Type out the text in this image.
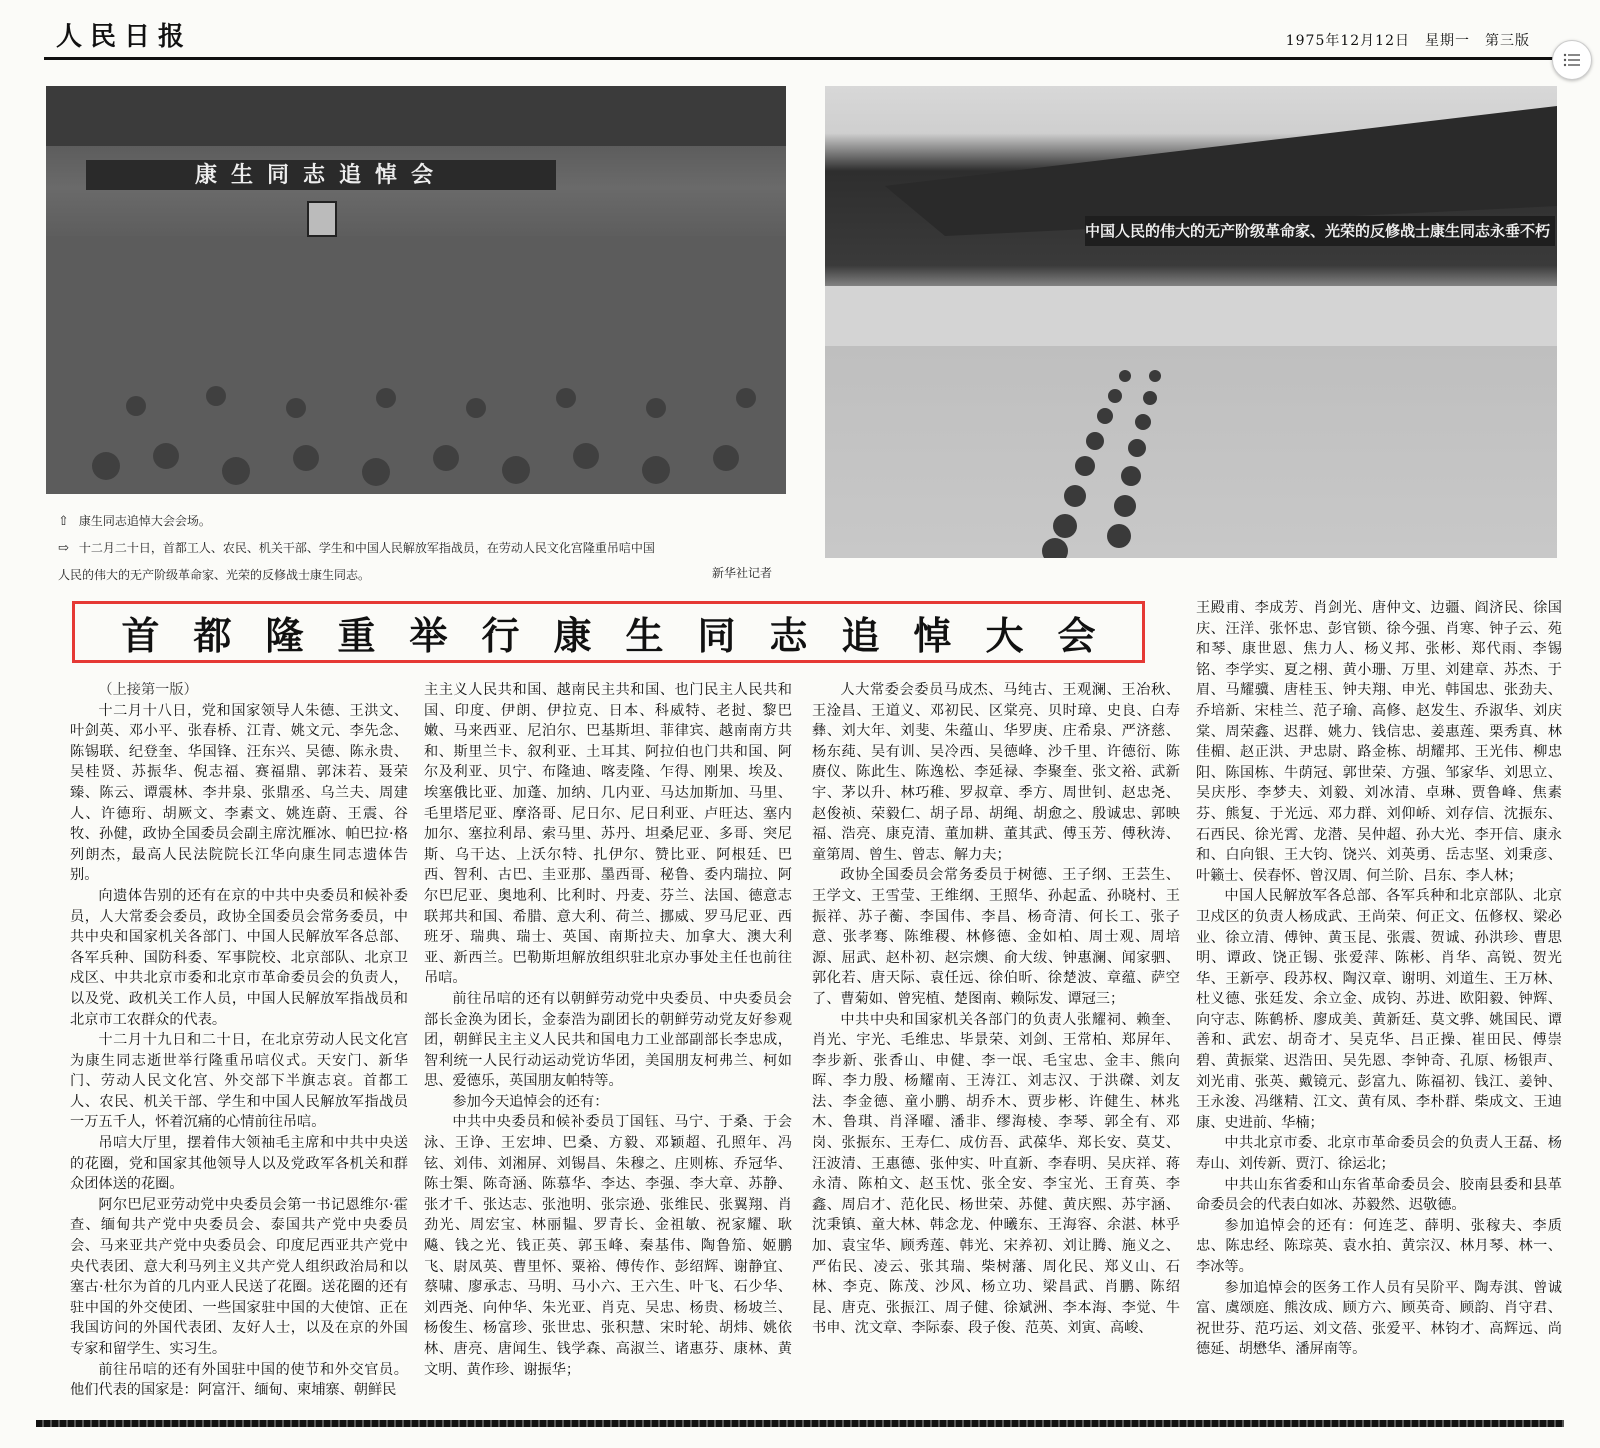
人民日报	1975年12月12日　星期一　第三版
康生同志追悼会
中国人民的伟大的无产阶级革命家、光荣的反修战士康生同志永垂不朽
⇧ 康生同志追悼大会会场。
⇨ 十二月二十日，首都工人、农民、机关干部、学生和中国人民解放军指战员，在劳动人民文化宫隆重吊唁中国
人民的伟大的无产阶级革命家、光荣的反修战士康生同志。	新华社记者
首都隆重举行康生同志追悼大会

（上接第一版）

十二月十八日，党和国家领导人朱德、王洪文、叶剑英、邓小平、张春桥、江青、姚文元、李先念、陈锡联、纪登奎、华国锋、汪东兴、吴德、陈永贵、吴桂贤、苏振华、倪志福、赛福鼎、郭沫若、聂荣臻、陈云、谭震林、李井泉、张鼎丞、乌兰夫、周建人、许德珩、胡厥文、李素文、姚连蔚、王震、谷牧、孙健，政协全国委员会副主席沈雁冰、帕巴拉·格列朗杰，最高人民法院院长江华向康生同志遗体告别。

向遗体告别的还有在京的中共中央委员和候补委员，人大常委会委员，政协全国委员会常务委员，中共中央和国家机关各部门、中国人民解放军各总部、各军兵种、国防科委、军事院校、北京部队、北京卫戍区、中共北京市委和北京市革命委员会的负责人，以及党、政机关工作人员，中国人民解放军指战员和北京市工农群众的代表。

十二月十九日和二十日，在北京劳动人民文化宫为康生同志逝世举行隆重吊唁仪式。天安门、新华门、劳动人民文化宫、外交部下半旗志哀。首都工人、农民、机关干部、学生和中国人民解放军指战员一万五千人，怀着沉痛的心情前往吊唁。

吊唁大厅里，摆着伟大领袖毛主席和中共中央送的花圈，党和国家其他领导人以及党政军各机关和群众团体送的花圈。

阿尔巴尼亚劳动党中央委员会第一书记恩维尔·霍查、缅甸共产党中央委员会、泰国共产党中央委员会、马来亚共产党中央委员会、印度尼西亚共产党中央代表团、意大利马列主义共产党人组织政治局和以塞古·杜尔为首的几内亚人民送了花圈。送花圈的还有驻中国的外交使团、一些国家驻中国的大使馆、正在我国访问的外国代表团、友好人士，以及在京的外国专家和留学生、实习生。

前往吊唁的还有外国驻中国的使节和外交官员。他们代表的国家是：阿富汗、缅甸、柬埔寨、朝鲜民

主主义人民共和国、越南民主共和国、也门民主人民共和国、印度、伊朗、伊拉克、日本、科威特、老挝、黎巴嫩、马来西亚、尼泊尔、巴基斯坦、菲律宾、越南南方共和、斯里兰卡、叙利亚、土耳其、阿拉伯也门共和国、阿尔及利亚、贝宁、布隆迪、喀麦隆、乍得、刚果、埃及、埃塞俄比亚、加蓬、加纳、几内亚、马达加斯加、马里、毛里塔尼亚、摩洛哥、尼日尔、尼日利亚、卢旺达、塞内加尔、塞拉利昂、索马里、苏丹、坦桑尼亚、多哥、突尼斯、乌干达、上沃尔特、扎伊尔、赞比亚、阿根廷、巴西、智利、古巴、圭亚那、墨西哥、秘鲁、委内瑞拉、阿尔巴尼亚、奥地利、比利时、丹麦、芬兰、法国、德意志联邦共和国、希腊、意大利、荷兰、挪威、罗马尼亚、西班牙、瑞典、瑞士、英国、南斯拉夫、加拿大、澳大利亚、新西兰。巴勒斯坦解放组织驻北京办事处主任也前往吊唁。

前往吊唁的还有以朝鲜劳动党中央委员、中央委员会部长金涣为团长，金泰浩为副团长的朝鲜劳动党友好参观团，朝鲜民主主义人民共和国电力工业部副部长李忠成，智利统一人民行动运动党访华团，美国朋友柯弗兰、柯如思、爱德乐，英国朋友帕特等。

参加今天追悼会的还有：

中共中央委员和候补委员丁国钰、马宁、于桑、于会泳、王诤、王宏坤、巴桑、方毅、邓颖超、孔照年、冯铉、刘伟、刘湘屏、刘锡昌、朱穆之、庄则栋、乔冠华、陈士榘、陈奇涵、陈慕华、李达、李强、李大章、苏静、张才千、张达志、张池明、张宗逊、张维民、张翼翔、肖劲光、周宏宝、林丽韫、罗青长、金祖敏、祝家耀、耿飚、钱之光、钱正英、郭玉峰、秦基伟、陶鲁笳、姬鹏飞、尉凤英、曹里怀、粟裕、傅传作、彭绍辉、谢静宜、蔡啸、廖承志、马明、马小六、王六生、叶飞、石少华、刘西尧、向仲华、朱光亚、肖克、吴忠、杨贵、杨坡兰、杨俊生、杨富珍、张世忠、张积慧、宋时轮、胡炜、姚依林、唐亮、唐闻生、钱学森、高淑兰、诸惠芬、康林、黄文明、黄作珍、谢振华；

人大常委会委员马成杰、马纯古、王观澜、王冶秋、王淦昌、王道义、邓初民、区棠亮、贝时璋、史良、白寿彝、刘大年、刘斐、朱蕴山、华罗庚、庄希泉、严济慈、杨东莼、吴有训、吴冷西、吴德峰、沙千里、许德衍、陈赓仪、陈此生、陈逸松、李延禄、李聚奎、张文裕、武新宇、茅以升、林巧稚、罗叔章、季方、周世钊、赵忠尧、赵俊祯、荣毅仁、胡子昂、胡绳、胡愈之、殷诚忠、郭映福、浩亮、康克清、董加耕、董其武、傅玉芳、傅秋涛、童第周、曾生、曾志、解力夫；

政协全国委员会常务委员于树德、王子纲、王芸生、王学文、王雪莹、王维纲、王照华、孙起孟、孙晓村、王振祥、苏子蘅、李国伟、李昌、杨奇清、何长工、张子意、张孝骞、陈维稷、林修德、金如柏、周士观、周培源、屈武、赵朴初、赵宗燠、俞大绂、钟惠澜、闻家驷、郭化若、唐天际、袁任远、徐伯昕、徐楚波、章蕴、萨空了、曹菊如、曾宪植、楚图南、赖际发、谭冠三；

中共中央和国家机关各部门的负责人张耀祠、赖奎、肖光、宇光、毛维忠、毕景荣、刘剑、王常柏、郑屏年、李步新、张香山、申健、李一氓、毛宝忠、金丰、熊向晖、李力殷、杨耀南、王涛江、刘志汉、于洪磔、刘友法、李金德、童小鹏、胡乔木、贾步彬、许健生、林兆木、鲁琪、肖泽曜、潘非、缪海棱、李琴、郭全有、邓岗、张振东、王寿仁、成仿吾、武葆华、郑长安、莫艾、汪波清、王惠德、张仲实、叶直新、李春明、吴庆祥、蒋永清、陈柏文、赵玉忱、张全安、李宝光、王育英、李鑫、周启才、范化民、杨世荣、苏健、黄庆熙、苏宇涵、沈秉镇、童大林、韩念龙、仲曦东、王海容、余湛、林乎加、袁宝华、顾秀莲、韩光、宋养初、刘让腾、施义之、严佑民、凌云、张其瑞、柴树藩、周化民、郑义山、石林、李克、陈茂、沙风、杨立功、梁昌武、肖鹏、陈绍昆、唐克、张振江、周子健、徐斌洲、李本海、李觉、牛书申、沈文章、李际泰、段子俊、范英、刘寅、高峻、

王殿甫、李成芳、肖剑光、唐仲文、边疆、阎济民、徐国庆、汪洋、张怀忠、彭官锁、徐今强、肖寒、钟子云、苑和琴、康世恩、焦力人、杨义邦、张彬、郑代雨、李锡铭、李学实、夏之栩、黄小珊、万里、刘建章、苏杰、于眉、马耀骥、唐桂玉、钟夫翔、申光、韩国忠、张劲夫、乔培新、宋桂兰、范子瑜、高修、赵发生、乔淑华、刘庆棠、周荣鑫、迟群、姚力、钱信忠、姜惠莲、栗秀真、林佳楣、赵正洪、尹忠尉、路金栋、胡耀邦、王光伟、柳忠阳、陈国栋、牛荫冠、郭世荣、方强、邹家华、刘思立、吴庆彤、李梦夫、刘毅、刘冰清、卓琳、贾鲁峰、焦素芬、熊复、于光远、邓力群、刘仰峤、刘存信、沈振东、石西民、徐光霄、龙潜、吴仲超、孙大光、李开信、康永和、白向银、王大钧、饶兴、刘英勇、岳志坚、刘秉彦、叶籁士、侯春怀、曾汉周、何兰阶、吕东、李人林；

中国人民解放军各总部、各军兵种和北京部队、北京卫戍区的负责人杨成武、王尚荣、何正文、伍修权、梁必业、徐立清、傅钟、黄玉昆、张震、贺诚、孙洪珍、曹思明、谭政、饶正锡、张爱萍、陈彬、肖华、高锐、贺光华、王新亭、段苏权、陶汉章、谢明、刘道生、王万林、杜义德、张廷发、余立金、成钧、苏进、欧阳毅、钟辉、向守志、陈鹤桥、廖成美、黄新廷、莫文骅、姚国民、谭善和、武宏、胡奇才、吴克华、吕正操、崔田民、傅崇碧、黄振棠、迟浩田、吴先恩、李钟奇、孔原、杨银声、刘光甫、张英、戴镜元、彭富九、陈福初、钱江、姜钟、王永浚、冯继精、江文、黄有凤、李朴群、柴成文、王迪康、史进前、华楠；

中共北京市委、北京市革命委员会的负责人王磊、杨寿山、刘传新、贾汀、徐运北；

中共山东省委和山东省革命委员会、胶南县委和县革命委员会的代表白如冰、苏毅然、迟敬德。

参加追悼会的还有：何连芝、薛明、张稼夫、李质忠、陈忠经、陈琮英、袁水拍、黄宗汉、林月琴、林一、李冰等。

参加追悼会的医务工作人员有吴阶平、陶寿淇、曾诚富、虞颂庭、熊汝成、顾方六、顾英奇、顾韵、肖守君、祝世芬、范巧运、刘文蓓、张爱平、林钧才、高辉远、尚德延、胡懋华、潘屏南等。
